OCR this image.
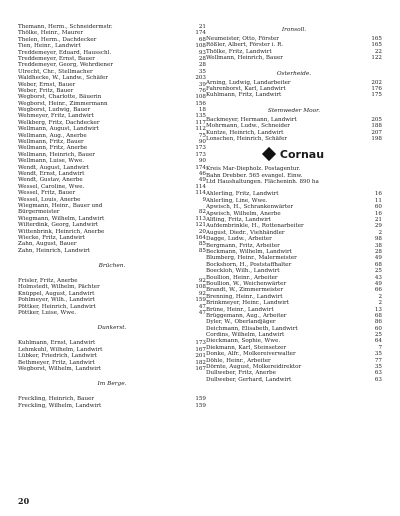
Themann, Herm., Schneidermstr.	21
Thölke, Heinr., Maurer	174
Thelen, Herm., Dachdecker	68
Tien, Heinr., Landwirt	108
Treddemeyer, Eduard, Hausschl.	93
Treddemeyer, Ernst, Bauer	28
Treddemeyer, Georg, Wehrdiener	28
Ulrecht, Chr., Stellmacher	35
Waldhecke, W., Landw., Schäfer	203
Weber, Ernst, Bauer	39
Weber, Fritz, Bauer	76
Wegborst, Charlotte, Bäuerin	108
Wegborst, Heinr., Zimmermann	156
Wegborst, Ludwig, Bauer	18
Wehmeyer, Fritz, Landwirt	135
Welkberg, Fritz, Dachdecker	117
Wellmann, August, Landwirt	112
Wellmann, Aug., Anerbe	75
Wellmann, Fritz, Bauer	90
Wellmann, Fritz, Anerbe	173
Wellmann, Heinrich, Bauer	173
Wellmann, Luise, Wwe.	90
Wendt, August, Landwirt	174
Wendt, Ernst, Landwirt	46
Wendt, Gustav, Anerbe	49
Wessel, Caroline, Wwe.	114
Wessel, Fritz, Bauer	114
Wessel, Louis, Anerbe	9
Wiegmann, Heinr., Bauer und
Bürgermeister	82
Wiegmann, Wilhelm, Landwirt	113
Wilterdink, Georg, Landwirt	121
Wittenbrink, Heinrich, Anerbe	20
Wiecke, Fritz, Landwirt	164
Zahn, August, Bauer	85
Zahn, Heinrich, Landwirt	85
Brüchen.
Frisler, Fritz, Anerbe	92
Holmstedt, Wilhelm, Pächter	108
Knüppel, August, Landwirt	92
Pohlmeyer, Wilh., Landwirt	159
Pöttker, Heinrich, Landwirt	47
Pöttker, Luise, Wwe.	47
Dunkerst.
Kuhlmann, Ernst, Landwirt	173
Lehmkuhl, Wilhelm, Landwirt	167
Lübker, Friedrich, Landwirt	201
Bethmeyer, Fritz, Landwirt	182
Wegborst, Wilhelm, Landwirt	167
Im Berge.
Freckling, Heinrich, Bauer	159
Freckling, Wilhelm, Landwirt	159
Ironsoll.
Neumeister, Otto, Förster	165
Rößler, Albert, Förster i. R.	165
Thölke, Fritz, Landwirt	22
Wellmann, Heinrich, Bauer	122
Osterheide.
Arning, Ludwig, Landarbeiter	202
Fahrenborst, Karl, Landwirt	176
Kuhlmann, Fritz, Landwirt	175
Stemweder Moor.
Backmeyer, Hermann, Landwirt	205
Mohrmann, Ludw., Schneider	188
Kuntze, Heinrich, Landwirt	207
Lonschen, Heinrich, Schäfer	198
Cornau
Kreis Mar-Diepholz. Postagentur.
Bahn Drebber. 565 evangel. Einw.
Ltd Haushaltungen. Flächeninh. 890 ha
Ahlerling, Fritz, Landwirt	16
Ahlerling, Line, Wwe.	11
Apwisch, H., Schrankenwärter	60
Apwisch, Wilhelm, Anerbe	16
Alfling, Fritz, Landwirt	21
Aufdembrinkle, H., Rottenarbeiter	29
August, Diedr., Viehhändler	2
Dagge, Ludw., Arbeiter	98
Bergmann, Fritz, Arbeiter	38
Beckmann, Wilhelm, Landwirt	28
Blumberg, Heinr., Malermeister	49
Bockshorn, H., Poststaffhalter	68
Boeckloh, Wilh., Landwirt	25
Boullion, Heinr., Arbeiter	43
Boullion, W., Weichenwärter	49
Brandt, W., Zimmermeister	66
Brenning, Heinr., Landwirt	2
Brinkmeyer, Heinr., Landwirt	2
Brüne, Heinr., Landwirt	13
Brüggemann, Aug., Arbeiter	68
Dyler, W., Oberlandjäger	86
Deichmann, Elisabeth, Landwirt	60
Cordins, Wilhelm, Landwirt	25
Dieckmann, Sophie, Wwe.	64
Diekmann, Karl, Steinsetzer	7
Donke, Alfr., Molkereiverwalter	35
Döhle, Heinr., Arbeiter	77
Dörnte, August, Molkereidirektor	35
Dullweber, Fritz, Anerbe	63
Dullweber, Gerhard, Landwirt	63
20
